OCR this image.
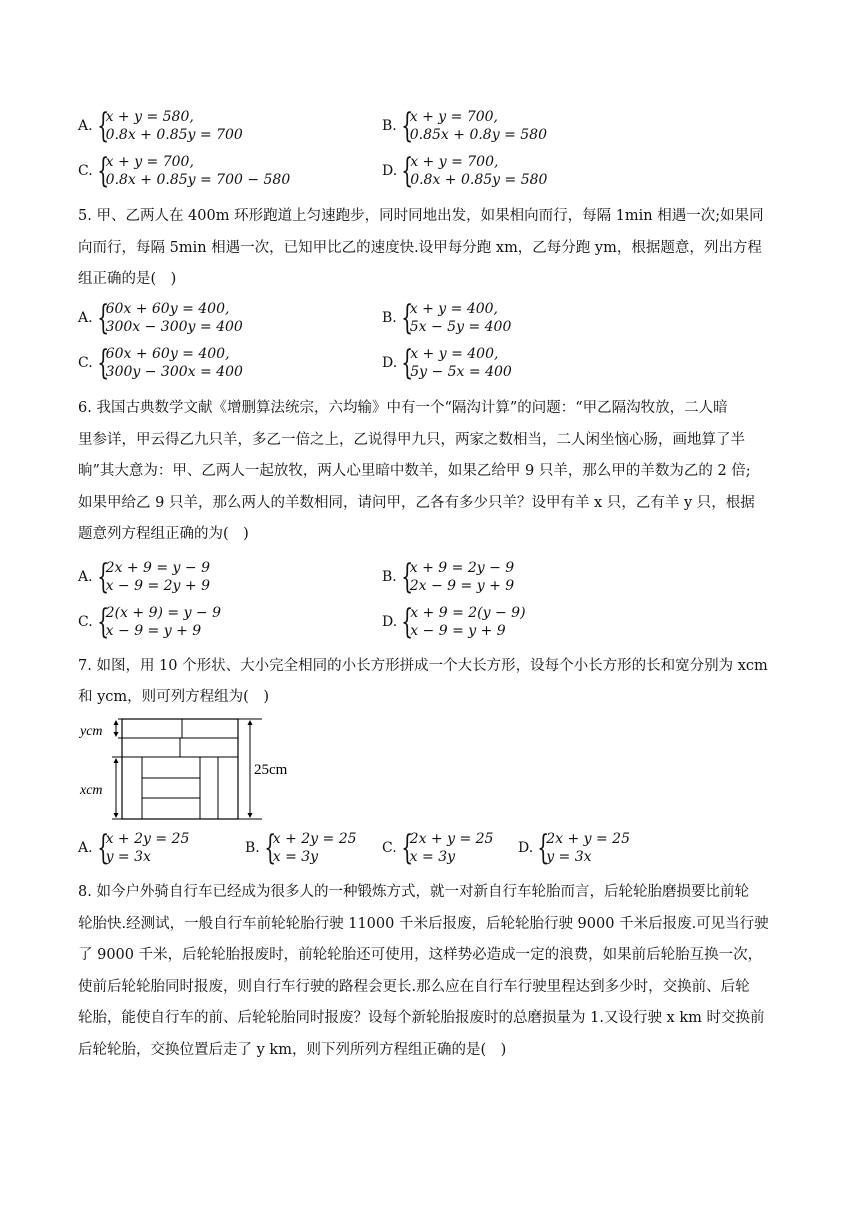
A. {
x + y = 580,
0.8x + 0.85y = 700
B. {
x + y = 700,
0.85x + 0.8y = 580
C. {
x + y = 700,
0.8x + 0.85y = 700 − 580
D. {
x + y = 700,
0.8x + 0.85y = 580
5. 甲、乙两人在 400m 环形跑道上匀速跑步，同时同地出发，如果相向而行，每隔 1min 相遇一次;如果同
向而行，每隔 5min 相遇一次，已知甲比乙的速度快.设甲每分跑 xm，乙每分跑 ym，根据题意，列出方程
组正确的是(　)
A. {
60x + 60y = 400,
300x − 300y = 400
B. {
x + y = 400,
5x − 5y = 400
C. {
60x + 60y = 400,
300y − 300x = 400
D. {
x + y = 400,
5y − 5x = 400
6. 我国古典数学文献《增删算法统宗，六均输》中有一个“隔沟计算”的问题：“甲乙隔沟牧放，二人暗
里参详，甲云得乙九只羊，多乙一倍之上，乙说得甲九只，两家之数相当，二人闲坐恼心肠，画地算了半
晌”其大意为：甲、乙两人一起放牧，两人心里暗中数羊，如果乙给甲 9 只羊，那么甲的羊数为乙的 2 倍;
如果甲给乙 9 只羊，那么两人的羊数相同，请问甲，乙各有多少只羊？设甲有羊 x 只，乙有羊 y 只，根据
题意列方程组正确的为(　)
A. {
2x + 9 = y − 9
x − 9 = 2y + 9
B. {
x + 9 = 2y − 9
2x − 9 = y + 9
C. {
2(x + 9) = y − 9
x − 9 = y + 9
D. {
x + 9 = 2(y − 9)
x − 9 = y + 9
7. 如图，用 10 个形状、大小完全相同的小长方形拼成一个大长方形，设每个小长方形的长和宽分别为 xcm
和 ycm，则可列方程组为(　)
ycm
xcm
25cm
A. {
x + 2y = 25
y = 3x
B. {
x + 2y = 25
x = 3y
C. {
2x + y = 25
x = 3y
D. {
2x + y = 25
y = 3x
8. 如今户外骑自行车已经成为很多人的一种锻炼方式，就一对新自行车轮胎而言，后轮轮胎磨损要比前轮
轮胎快.经测试，一般自行车前轮轮胎行驶 11000 千米后报废，后轮轮胎行驶 9000 千米后报废.可见当行驶
了 9000 千米，后轮轮胎报废时，前轮轮胎还可使用，这样势必造成一定的浪费，如果前后轮胎互换一次，
使前后轮轮胎同时报废，则自行车行驶的路程会更长.那么应在自行车行驶里程达到多少时，交换前、后轮
轮胎，能使自行车的前、后轮轮胎同时报废？设每个新轮胎报废时的总磨损量为 1.又设行驶 x km 时交换前
后轮轮胎，交换位置后走了 y km，则下列所列方程组正确的是(　)
